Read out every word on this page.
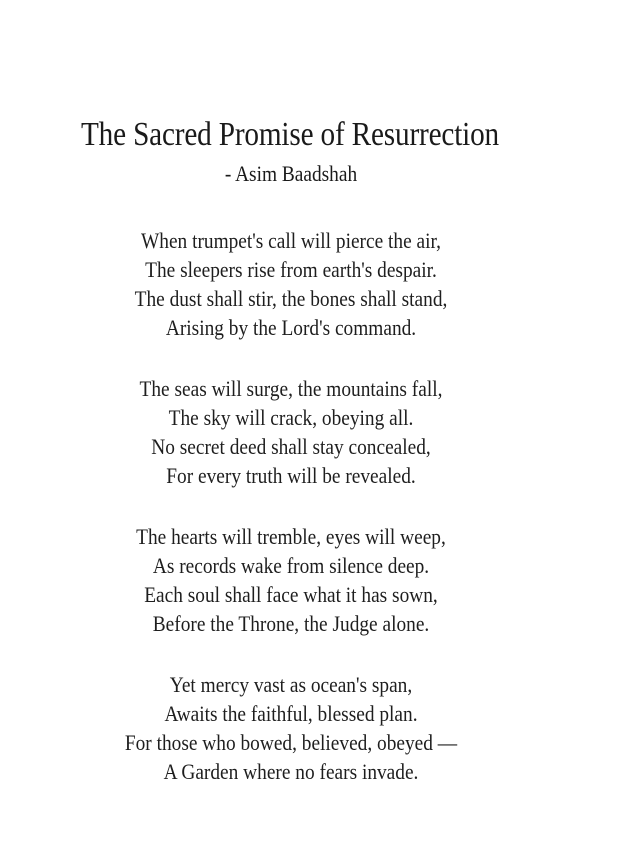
The Sacred Promise of Resurrection
- Asim Baadshah
When trumpet's call will pierce the air,
The sleepers rise from earth's despair.
The dust shall stir, the bones shall stand,
Arising by the Lord's command.
The seas will surge, the mountains fall,
The sky will crack, obeying all.
No secret deed shall stay concealed,
For every truth will be revealed.
The hearts will tremble, eyes will weep,
As records wake from silence deep.
Each soul shall face what it has sown,
Before the Throne, the Judge alone.
Yet mercy vast as ocean's span,
Awaits the faithful, blessed plan.
For those who bowed, believed, obeyed —
A Garden where no fears invade.
